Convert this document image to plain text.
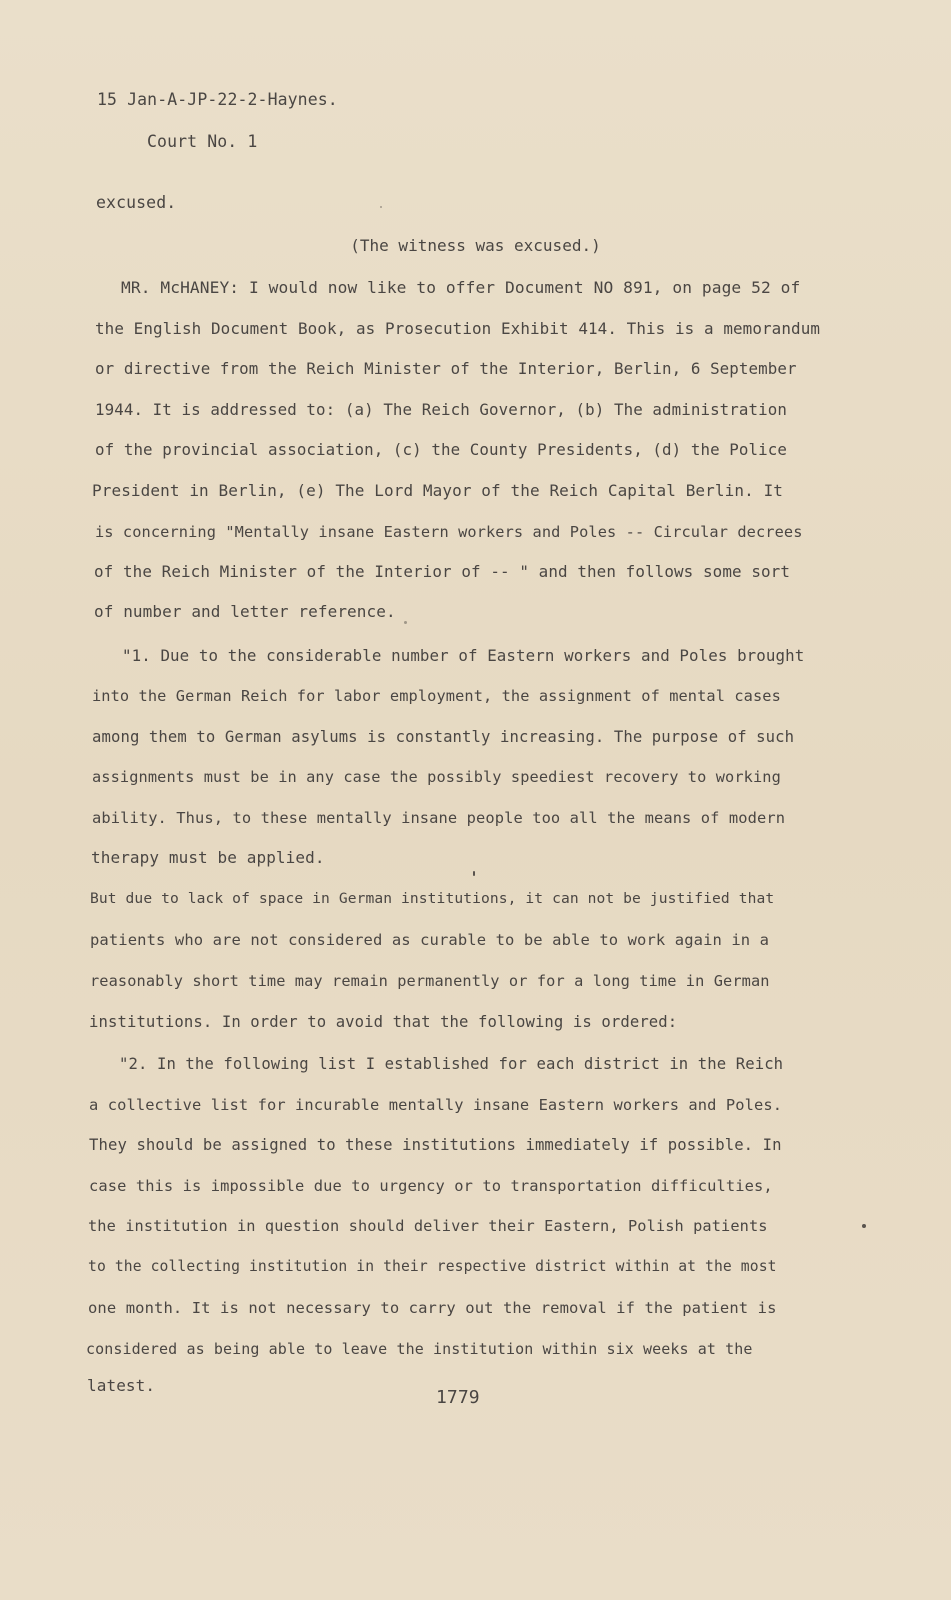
15 Jan-A-JP-22-2-Haynes.
Court No. 1
excused.
(The witness was excused.)
MR. McHANEY: I would now like to offer Document NO 891, on page 52 of
the English Document Book, as Prosecution Exhibit 414. This is a memorandum
or directive from the Reich Minister of the Interior, Berlin, 6 September
1944. It is addressed to: (a) The Reich Governor, (b) The administration
of the provincial association, (c) the County Presidents, (d) the Police
President in Berlin, (e) The Lord Mayor of the Reich Capital Berlin. It
is concerning "Mentally insane Eastern workers and Poles -- Circular decrees
of the Reich Minister of the Interior of -- " and then follows some sort
of number and letter reference.
"1. Due to the considerable number of Eastern workers and Poles brought
into the German Reich for labor employment, the assignment of mental cases
among them to German asylums is constantly increasing. The purpose of such
assignments must be in any case the possibly speediest recovery to working
ability. Thus, to these mentally insane people too all the means of modern
therapy must be applied.
But due to lack of space in German institutions, it can not be justified that
patients who are not considered as curable to be able to work again in a
reasonably short time may remain permanently or for a long time in German
institutions. In order to avoid that the following is ordered:
"2. In the following list I established for each district in the Reich
a collective list for incurable mentally insane Eastern workers and Poles.
They should be assigned to these institutions immediately if possible. In
case this is impossible due to urgency or to transportation difficulties,
the institution in question should deliver their Eastern, Polish patients
to the collecting institution in their respective district within at the most
one month. It is not necessary to carry out the removal if the patient is
considered as being able to leave the institution within six weeks at the
latest.
1779
